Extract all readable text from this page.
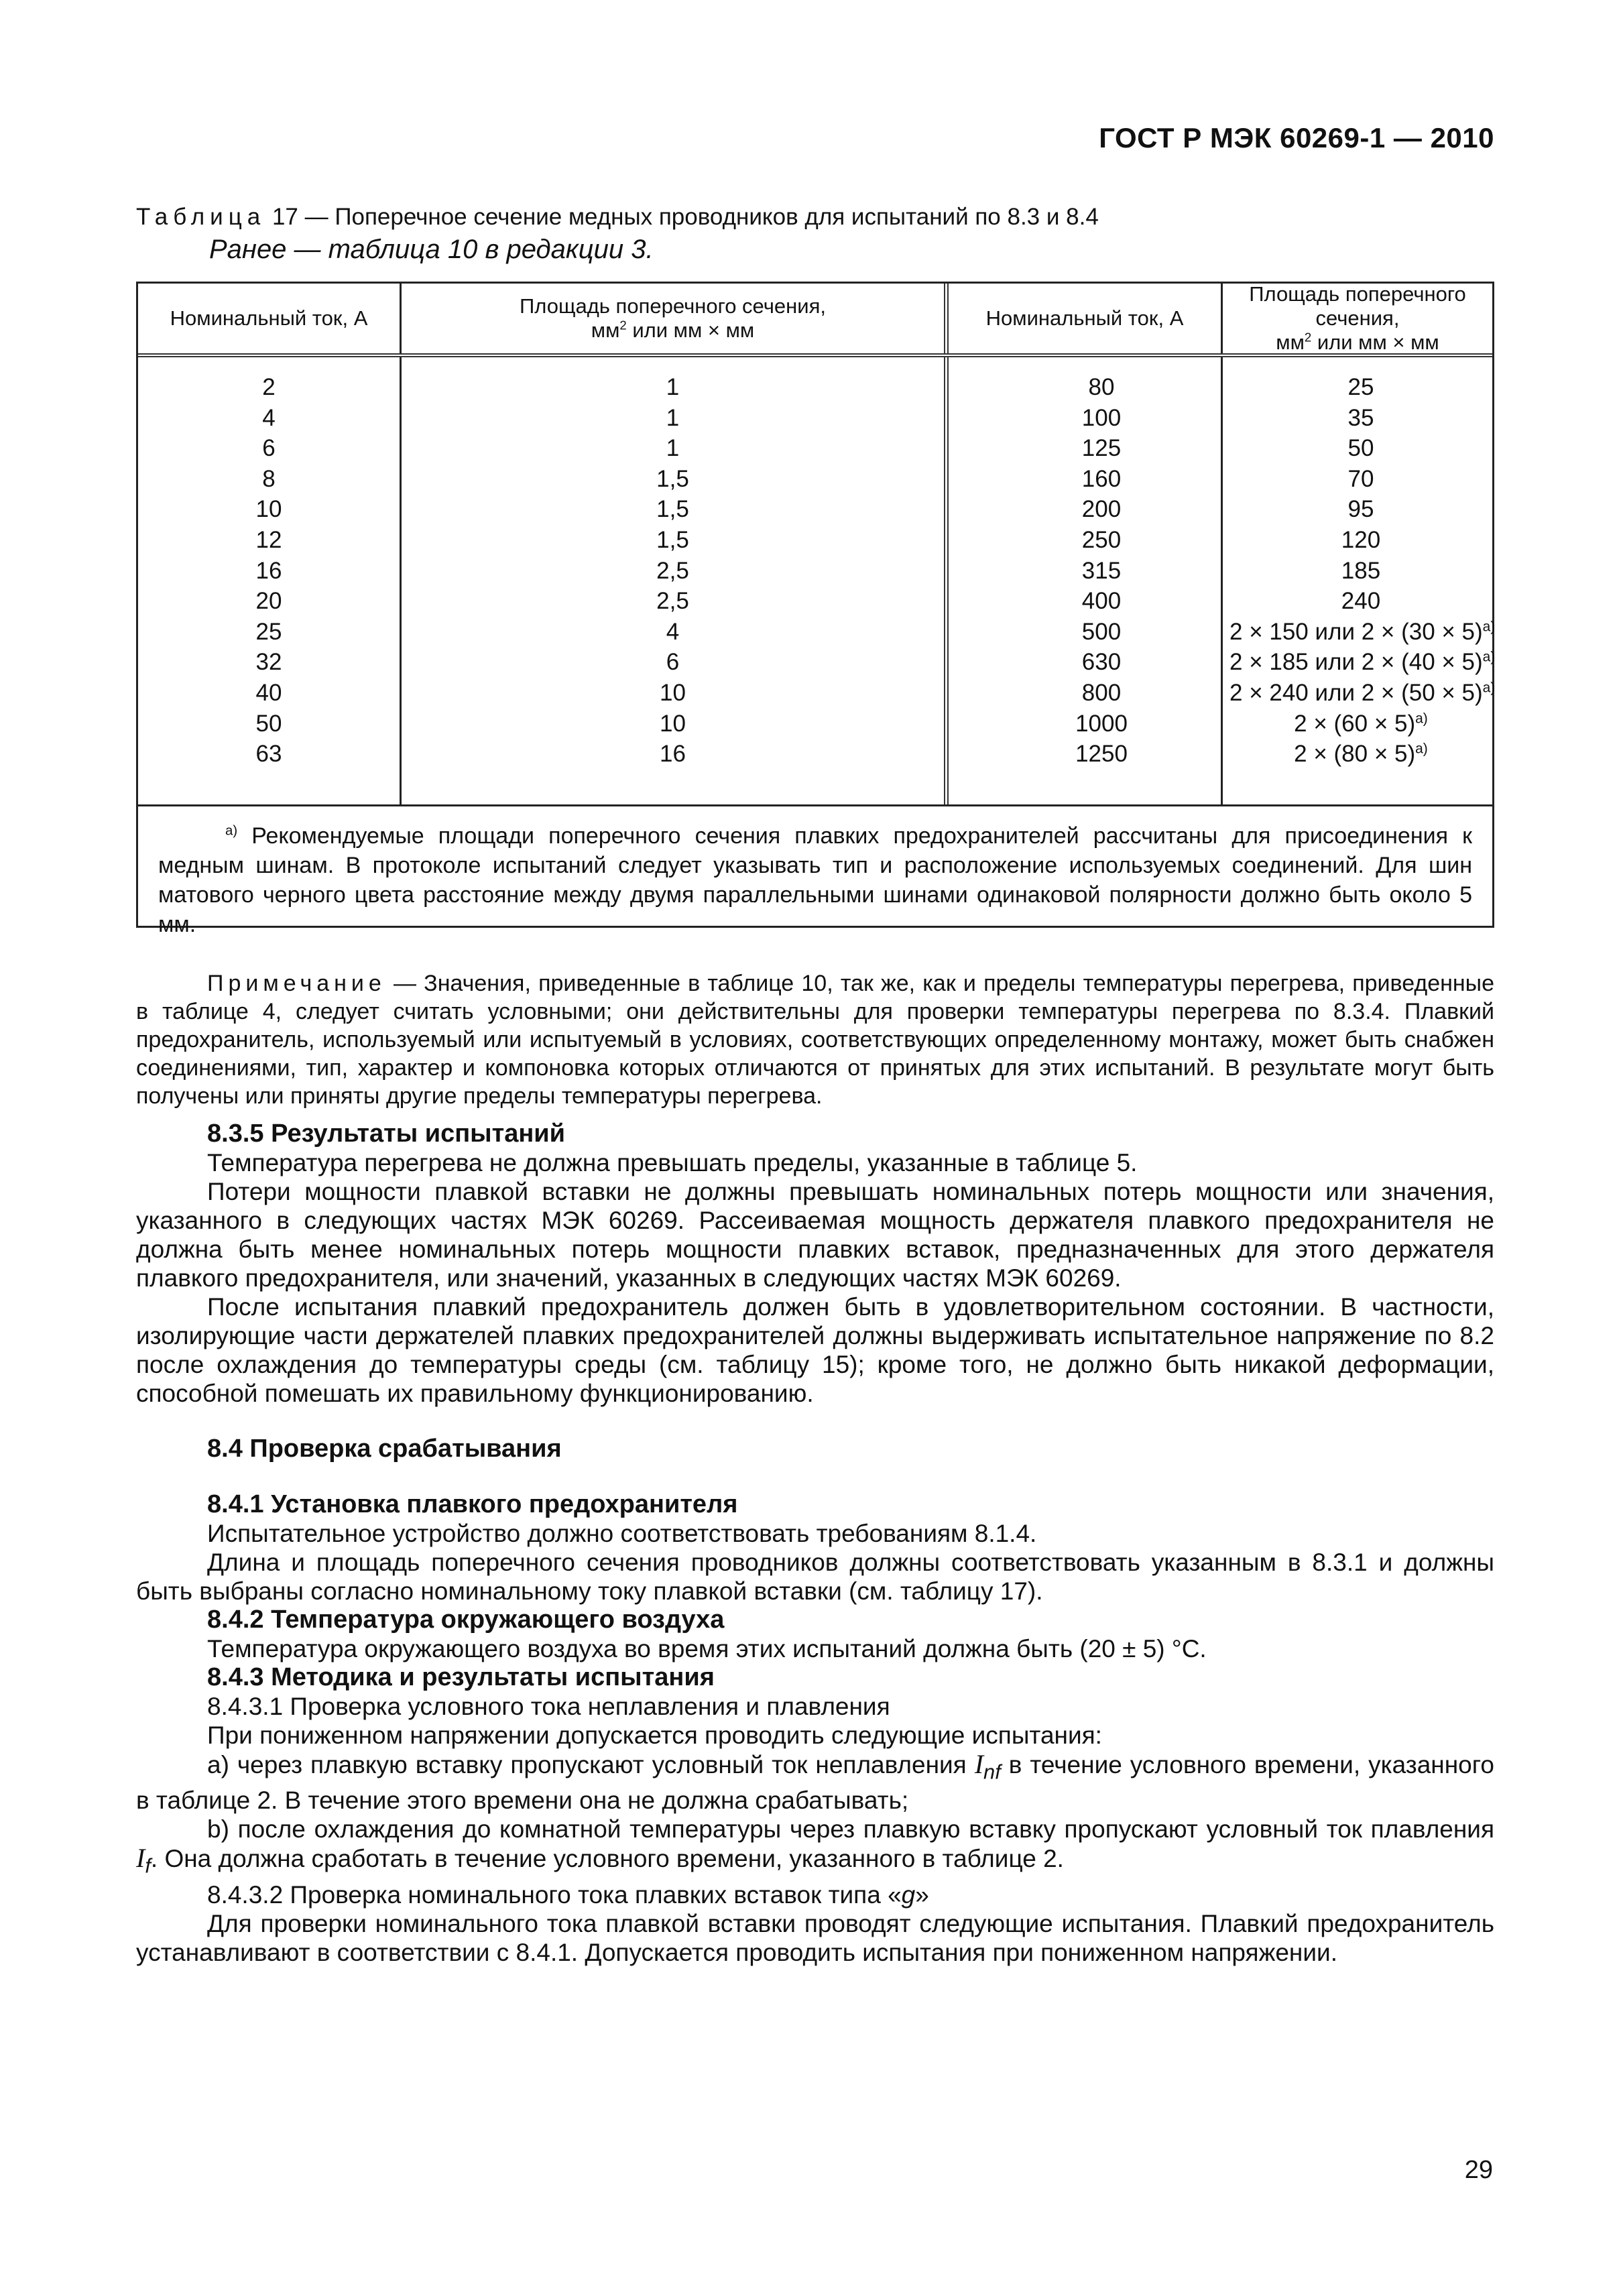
ГОСТ Р МЭК 60269-1 — 2010
Таблица 17 — Поперечное сечение медных проводников для испытаний по 8.3 и 8.4
Ранее — таблица 10 в редакции 3.
Номинальный ток, А
Площадь поперечного сечения,
$мм^2$ или мм × мм
Номинальный ток, А
Площадь поперечного сечения,
$мм^2$ или мм × мм
2
4
6
8
10
12
16
20
25
32
40
50
63
1
1
1
1,5
1,5
1,5
2,5
2,5
4
6
10
10
16
80
100
125
160
200
250
315
400
500
630
800
1000
1250
25
35
50
70
95
120
185
240
2 × 150 или $2 \times (30 \times 5)^{a)}$
2 × 185 или $2 \times (40 \times 5)^{a)}$
2 × 240 или $2 \times (50 \times 5)^{a)}$
$2 \times (60 \times 5)^{a)}$
$2 \times (80 \times 5)^{a)}$
$^{a)}$ Рекомендуемые площади поперечного сечения плавких предохранителей рассчитаны для присоединения к медным шинам. В протоколе испытаний следует указывать тип и расположение используемых соединений. Для шин матового черного цвета расстояние между двумя параллельными шинами одинаковой полярности должно быть около 5 мм.

Примечание — Значения, приведенные в таблице 10, так же, как и пределы температуры перегрева, приведенные в таблице 4, следует считать условными; они действительны для проверки температуры перегрева по 8.3.4. Плавкий предохранитель, используемый или испытуемый в условиях, соответствующих определенному монтажу, может быть снабжен соединениями, тип, характер и компоновка которых отличаются от принятых для этих испытаний. В результате могут быть получены или приняты другие пределы температуры перегрева.

8.3.5 Результаты испытаний

Температура перегрева не должна превышать пределы, указанные в таблице 5.

Потери мощности плавкой вставки не должны превышать номинальных потерь мощности или значения, указанного в следующих частях МЭК 60269. Рассеиваемая мощность держателя плавкого предохранителя не должна быть менее номинальных потерь мощности плавких вставок, предназначенных для этого держателя плавкого предохранителя, или значений, указанных в следующих частях МЭК 60269.

После испытания плавкий предохранитель должен быть в удовлетворительном состоянии. В частности, изолирующие части держателей плавких предохранителей должны выдерживать испытательное напряжение по 8.2 после охлаждения до температуры среды (см. таблицу 15); кроме того, не должно быть никакой деформации, способной помешать их правильному функционированию.

8.4 Проверка срабатывания

8.4.1 Установка плавкого предохранителя

Испытательное устройство должно соответствовать требованиям 8.1.4.

Длина и площадь поперечного сечения проводников должны соответствовать указанным в 8.3.1 и должны быть выбраны согласно номинальному току плавкой вставки (см. таблицу 17).

8.4.2 Температура окружающего воздуха

Температура окружающего воздуха во время этих испытаний должна быть (20 ± 5) °С.

8.4.3 Методика и результаты испытания

8.4.3.1 Проверка условного тока неплавления и плавления

При пониженном напряжении допускается проводить следующие испытания:

а) через плавкую вставку пропускают условный ток неплавления $I_{nf}$ в течение условного времени, указанного в таблице 2. В течение этого времени она не должна срабатывать;

b) после охлаждения до комнатной температуры через плавкую вставку пропускают условный ток плавления $I_f$. Она должна сработать в течение условного времени, указанного в таблице 2.

8.4.3.2 Проверка номинального тока плавких вставок типа «g»

Для проверки номинального тока плавкой вставки проводят следующие испытания. Плавкий предохранитель устанавливают в соответствии с 8.4.1. Допускается проводить испытания при пониженном напряжении.

29
